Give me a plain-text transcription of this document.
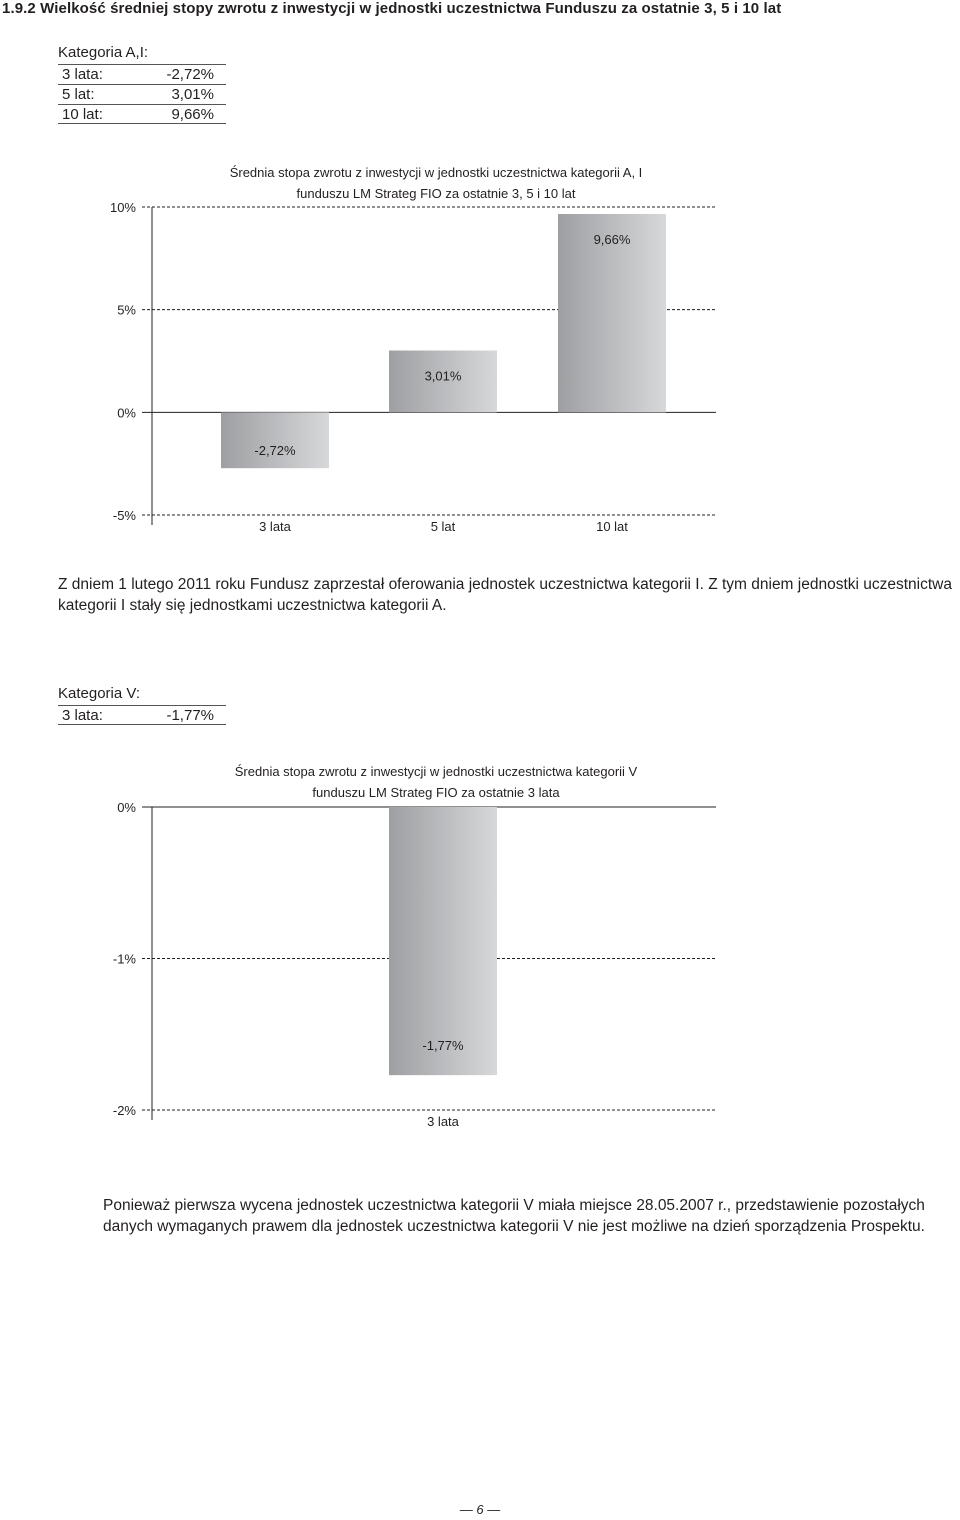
1.9.2 Wielkość średniej stopy zwrotu z inwestycji w jednostki uczestnictwa Funduszu za ostatnie 3, 5 i 10 lat
Kategoria A,I:
3 lata:	-2,72%
5 lat:	3,01%
10 lat:	9,66%
Średnia stopa zwrotu z inwestycji w jednostki uczestnictwa kategorii A, I
funduszu LM Strateg FIO za ostatnie 3, 5 i 10 lat
10%
5%
0%
-5%
-2,72%
3 lata
3,01%
5 lat
9,66%
10 lat
Z dniem 1 lutego 2011 roku Fundusz zaprzestał oferowania jednostek uczestnictwa kategorii I. Z tym dniem jednostki uczestnictwa kategorii I stały się jednostkami uczestnictwa kategorii A.
Kategoria V:
3 lata:	-1,77%
Średnia stopa zwrotu z inwestycji w jednostki uczestnictwa kategorii V
funduszu LM Strateg FIO za ostatnie 3 lata
0%
-1%
-2%
-1,77%
3 lata
Ponieważ pierwsza wycena jednostek uczestnictwa kategorii V miała miejsce 28.05.2007 r., przedstawienie pozostałych danych wymaganych prawem dla jednostek uczestnictwa kategorii V nie jest możliwe na dzień sporządzenia Prospektu.
— 6 —
